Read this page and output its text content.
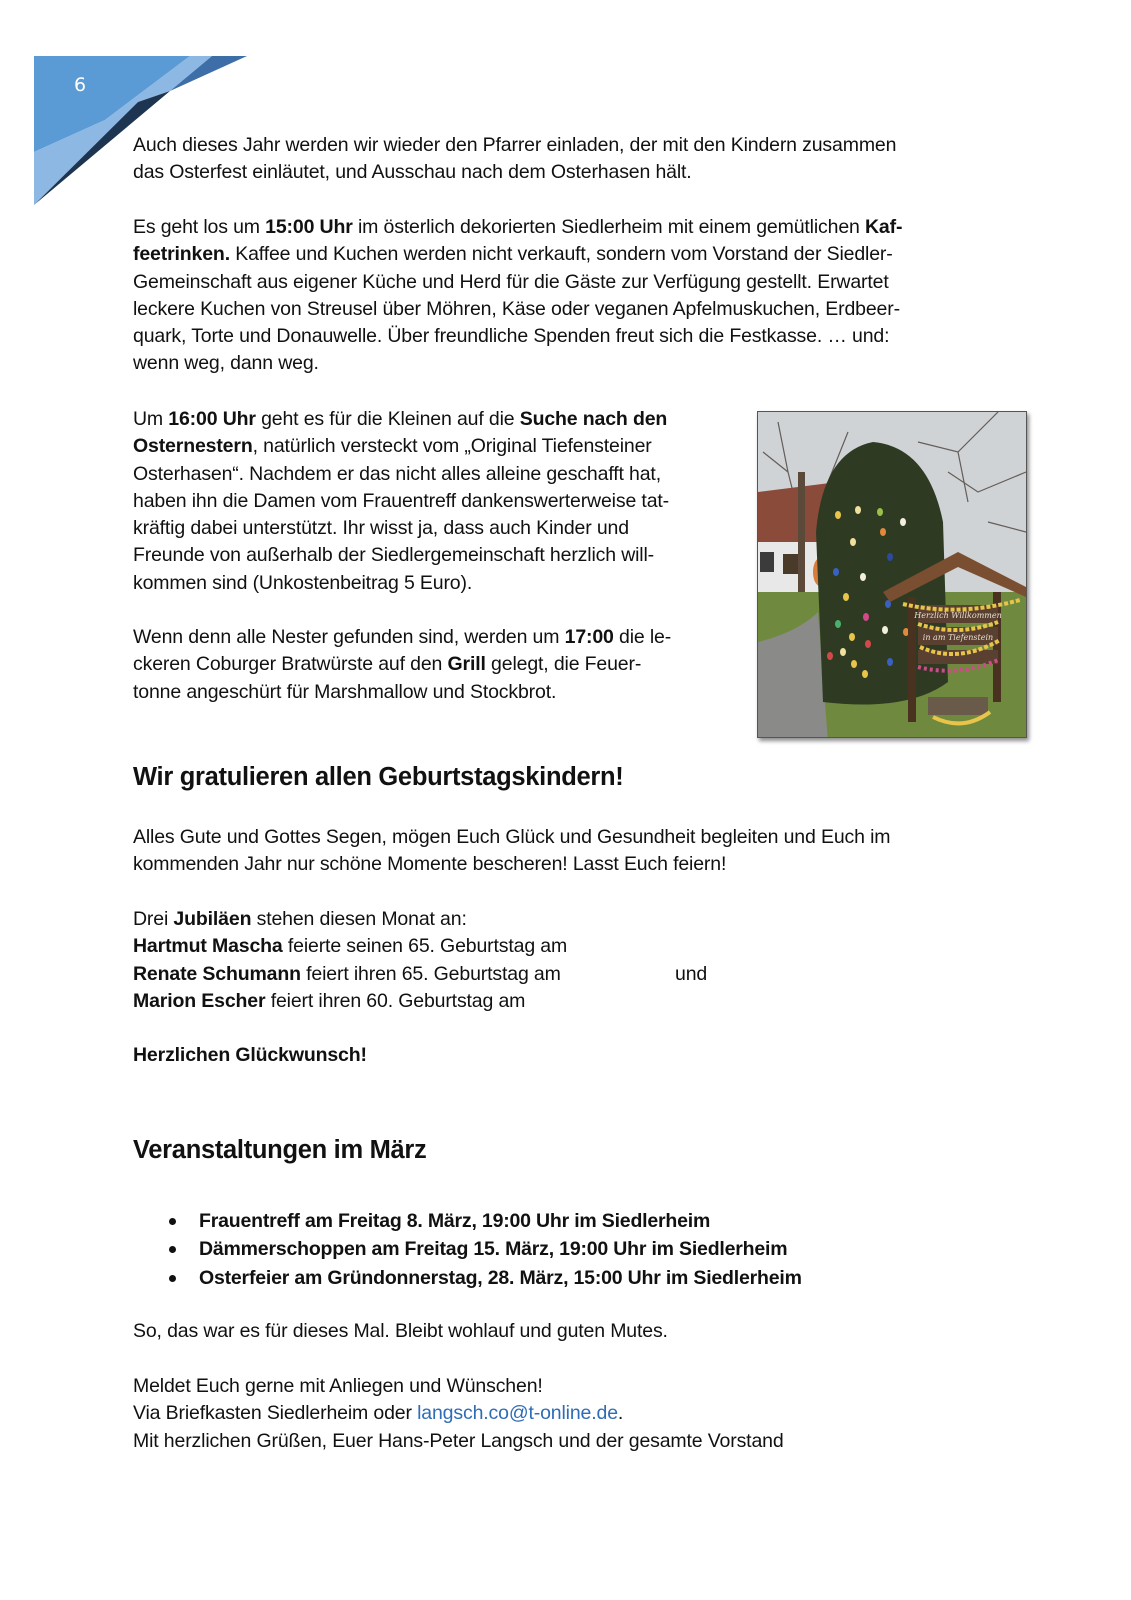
6
Auch dieses Jahr werden wir wieder den Pfarrer einladen, der mit den Kindern zusammen
das Osterfest einläutet, und Ausschau nach dem Osterhasen hält.
Es geht los um 15:00 Uhr im österlich dekorierten Siedlerheim mit einem gemütlichen Kaf-
feetrinken. Kaffee und Kuchen werden nicht verkauft, sondern vom Vorstand der Siedler-
Gemeinschaft aus eigener Küche und Herd für die Gäste zur Verfügung gestellt. Erwartet
leckere Kuchen von Streusel über Möhren, Käse oder veganen Apfelmuskuchen, Erdbeer-
quark, Torte und Donauwelle. Über freundliche Spenden freut sich die Festkasse. … und:
wenn weg, dann weg.
Um 16:00 Uhr geht es für die Kleinen auf die Suche nach den
Osternestern, natürlich versteckt vom „Original Tiefensteiner
Osterhasen“. Nachdem er das nicht alles alleine geschafft hat,
haben ihn die Damen vom Frauentreff dankenswerterweise tat-
kräftig dabei unterstützt. Ihr wisst ja, dass auch Kinder und
Freunde von außerhalb der Siedlergemeinschaft herzlich will-
kommen sind (Unkostenbeitrag 5 Euro).
Wenn denn alle Nester gefunden sind, werden um 17:00 die le-
ckeren Coburger Bratwürste auf den Grill gelegt, die Feuer-
tonne angeschürt für Marshmallow und Stockbrot.
Herzlich Willkommen
in am Tiefenstein
Wir gratulieren allen Geburtstagskindern!
Alles Gute und Gottes Segen, mögen Euch Glück und Gesundheit begleiten und Euch im
kommenden Jahr nur schöne Momente bescheren! Lasst Euch feiern!
Drei Jubiläen stehen diesen Monat an:
Hartmut Mascha feierte seinen 65. Geburtstag am
Renate Schumann feiert ihren 65. Geburtstag am	und
Marion Escher feiert ihren 60. Geburtstag am
Herzlichen Glückwunsch!
Veranstaltungen im März
Frauentreff am Freitag 8. März, 19:00 Uhr im Siedlerheim
Dämmerschoppen am Freitag 15. März, 19:00 Uhr im Siedlerheim
Osterfeier am Gründonnerstag, 28. März, 15:00 Uhr im Siedlerheim
So, das war es für dieses Mal. Bleibt wohlauf und guten Mutes.
Meldet Euch gerne mit Anliegen und Wünschen!
Via Briefkasten Siedlerheim oder langsch.co@t-online.de.
Mit herzlichen Grüßen, Euer Hans-Peter Langsch und der gesamte Vorstand
